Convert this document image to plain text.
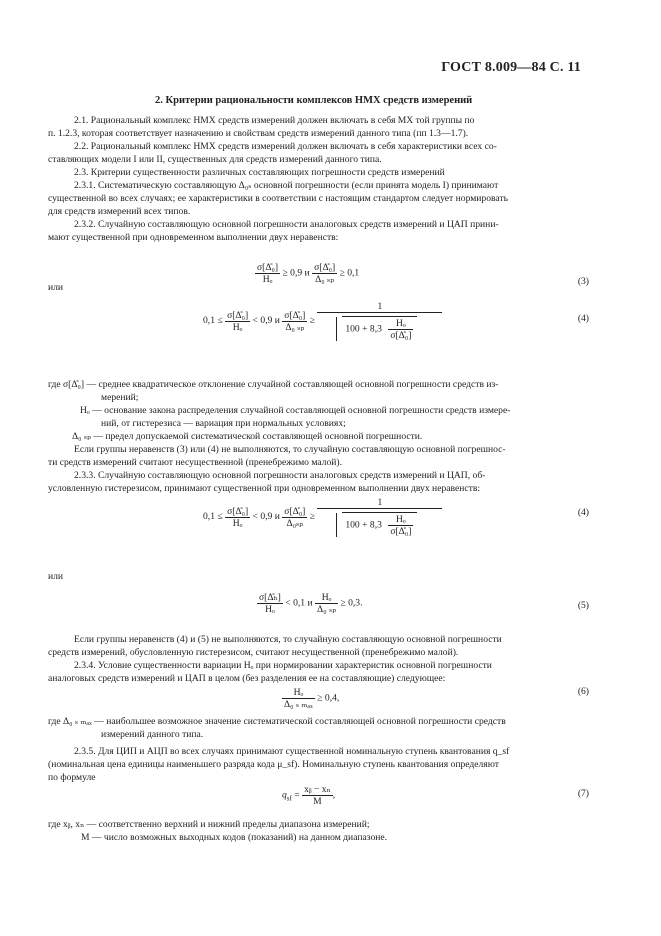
ГОСТ 8.009—84 С. 11
2. Критерии рациональности комплексов НМХ средств измерений
2.1. Рациональный комплекс НМХ средств измерений должен включать в себя МХ той группы по
п. 1.2.3, которая соответствует назначению и свойствам средств измерений данного типа (пп 1.3—1.7).
2.2. Рациональный комплекс НМХ средств измерений должен включать в себя характеристики всех со-
ставляющих модели I или II, существенных для средств измерений данного типа.
2.3. Критерии существенности различных составляющих погрешности средств измерений
2.3.1. Систематическую составляющую Δ₀ₛ основной погрешности (если принята модель I) принимают
существенной во всех случаях; ее характеристики в соответствии с настоящим стандартом следует нормировать
для средств измерений всех типов.
2.3.2. Случайную составляющую основной погрешности аналоговых средств измерений и ЦАП прини-
мают существенной при одновременном выполнении двух неравенств:
$\frac{\text{σ[Δ̊₀]}}{\text{Hₒ}} \ge 0,9$ и $\frac{\text{σ[Δ̊₀]}}{\text{Δ₀ ₛₚ}} \ge 0,1$
(3)
или
$0,1 \le \frac{\text{σ[Δ̊₀]}}{\text{Hₒ}} < 0,9$ и $\frac{\text{σ[Δ̊₀]}}{\text{Δ₀ ₛₚ}} \ge \frac{1}{100 + 8,3 \frac{\text{Hₒ}}{\text{σ[Δ̊₀]}}}$	(4)
где σ[Δ̊₀] — среднее квадратическое отклонение случайной составляющей основной погрешности средств из-
мерений;
Hₒ — основание закона распределения случайной составляющей основной погрешности средств измере-
ний, от гистерезиса — вариация при нормальных условиях;
Δ₀ ₛₚ — предел допускаемой систематической составляющей основной погрешности.
Если группы неравенств (3) или (4) не выполняются, то случайную составляющую основной погрешнос-
ти средств измерений считают несущественной (пренебрежимо малой).
2.3.3. Случайную составляющую основной погрешности аналоговых средств измерений и ЦАП, об-
условленную гистерезисом, принимают существенной при одновременном выполнении двух неравенств:
$0,1 \le \frac{\text{σ[Δ̊₀]}}{\text{Hₒ}} < 0,9$ и $\frac{\text{σ[Δ̊₀]}}{\text{Δ₀ₛₚ}} \ge \frac{1}{100 + 8,3 \frac{\text{Hₒ}}{\text{σ[Δ̊₀]}}}$	(4)
или
$\frac{\text{σ[Δ̊ₕ]}}{\text{Hₒ}} < 0,1$ и $\frac{\text{Hₒ}}{\text{Δ₀ ₛₚ}} \ge 0,3$.	(5)
Если группы неравенств (4) и (5) не выполняются, то случайную составляющую основной погрешности
средств измерений, обусловленную гистерезисом, считают несущественной (пренебрежимо малой).
2.3.4. Условие существенности вариации Hₒ при нормировании характеристик основной погрешности
аналоговых средств измерений и ЦАП в целом (без разделения ее на составляющие) следующее:
$\frac{\text{Hₒ}}{\text{Δ₀ ₛ ₘₐₓ}} \ge 0,4$,
(6)
где Δ₀ ₛ ₘₐₓ — наибольшее возможное значение систематической составляющей основной погрешности средств
измерений данного типа.
2.3.5. Для ЦИП и АЦП во всех случаях принимают существенной номинальную ступень квантования q_sf
(номинальная цена единицы наименьшего разряда кода μ_sf). Номинальную ступень квантования определяют
по формуле
$q_{sf} = \frac{\text{xᵦ − xₙ}}{M}$ ,	(7)
где xᵦ, xₙ — соответственно верхний и нижний пределы диапазона измерений;
M — число возможных выходных кодов (показаний) на данном диапазоне.
